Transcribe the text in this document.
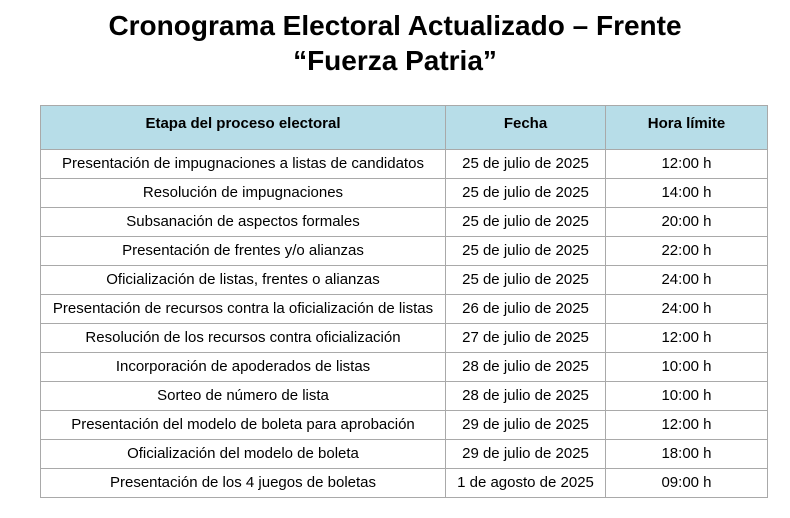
Cronograma Electoral Actualizado – Frente
“Fuerza Patria”
Etapa del proceso electoral	Fecha	Hora límite
Presentación de impugnaciones a listas de candidatos	25 de julio de 2025	12:00 h
Resolución de impugnaciones	25 de julio de 2025	14:00 h
Subsanación de aspectos formales	25 de julio de 2025	20:00 h
Presentación de frentes y/o alianzas	25 de julio de 2025	22:00 h
Oficialización de listas, frentes o alianzas	25 de julio de 2025	24:00 h
Presentación de recursos contra la oficialización de listas	26 de julio de 2025	24:00 h
Resolución de los recursos contra oficialización	27 de julio de 2025	12:00 h
Incorporación de apoderados de listas	28 de julio de 2025	10:00 h
Sorteo de número de lista	28 de julio de 2025	10:00 h
Presentación del modelo de boleta para aprobación	29 de julio de 2025	12:00 h
Oficialización del modelo de boleta	29 de julio de 2025	18:00 h
Presentación de los 4 juegos de boletas	1 de agosto de 2025	09:00 h
